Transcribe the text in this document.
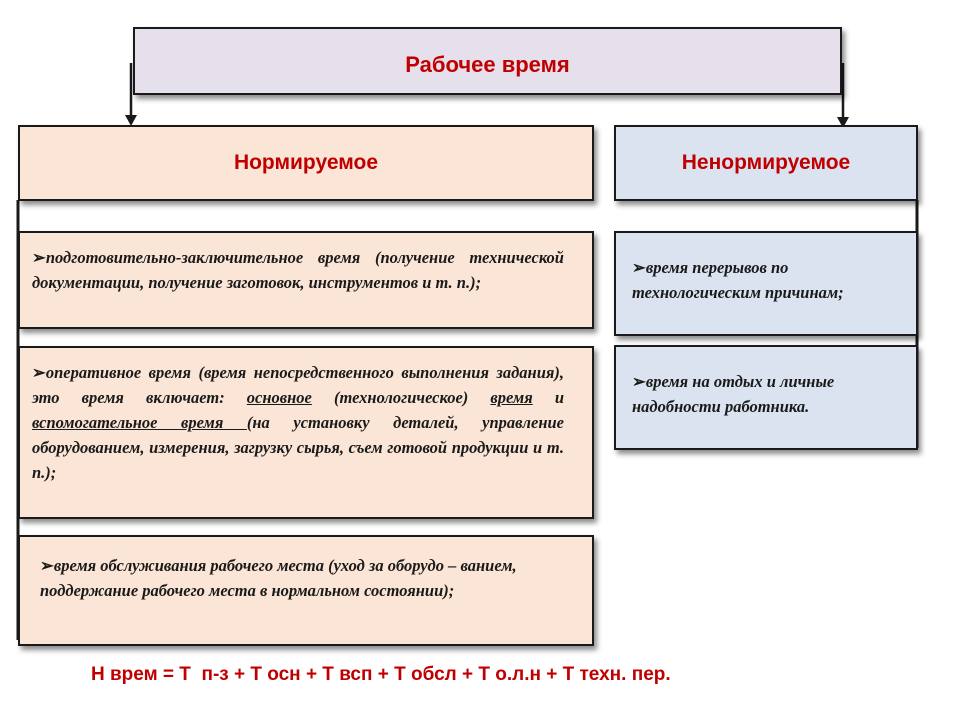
Рабочее время
Нормируемое	Ненормируемое
➢подготовительно-заключительное время (получение технической документации, получение заготовок, инструментов и т. п.);
➢оперативное время (время непосредственного выполнения задания), это время включает: основное (технологическое) время и вспомогательное время (на установку деталей, управление оборудованием, измерения, загрузку сырья, съем готовой продукции и т. п.);
➢время обслуживания рабочего места (уход за оборудо – ванием, поддержание рабочего места в нормальном состоянии);
➢время перерывов по технологическим причинам;
➢время на отдых и личные надобности работника.
Н врем = Т  п-з + Т осн + Т всп + Т обсл + Т о.л.н + Т техн. пер.
